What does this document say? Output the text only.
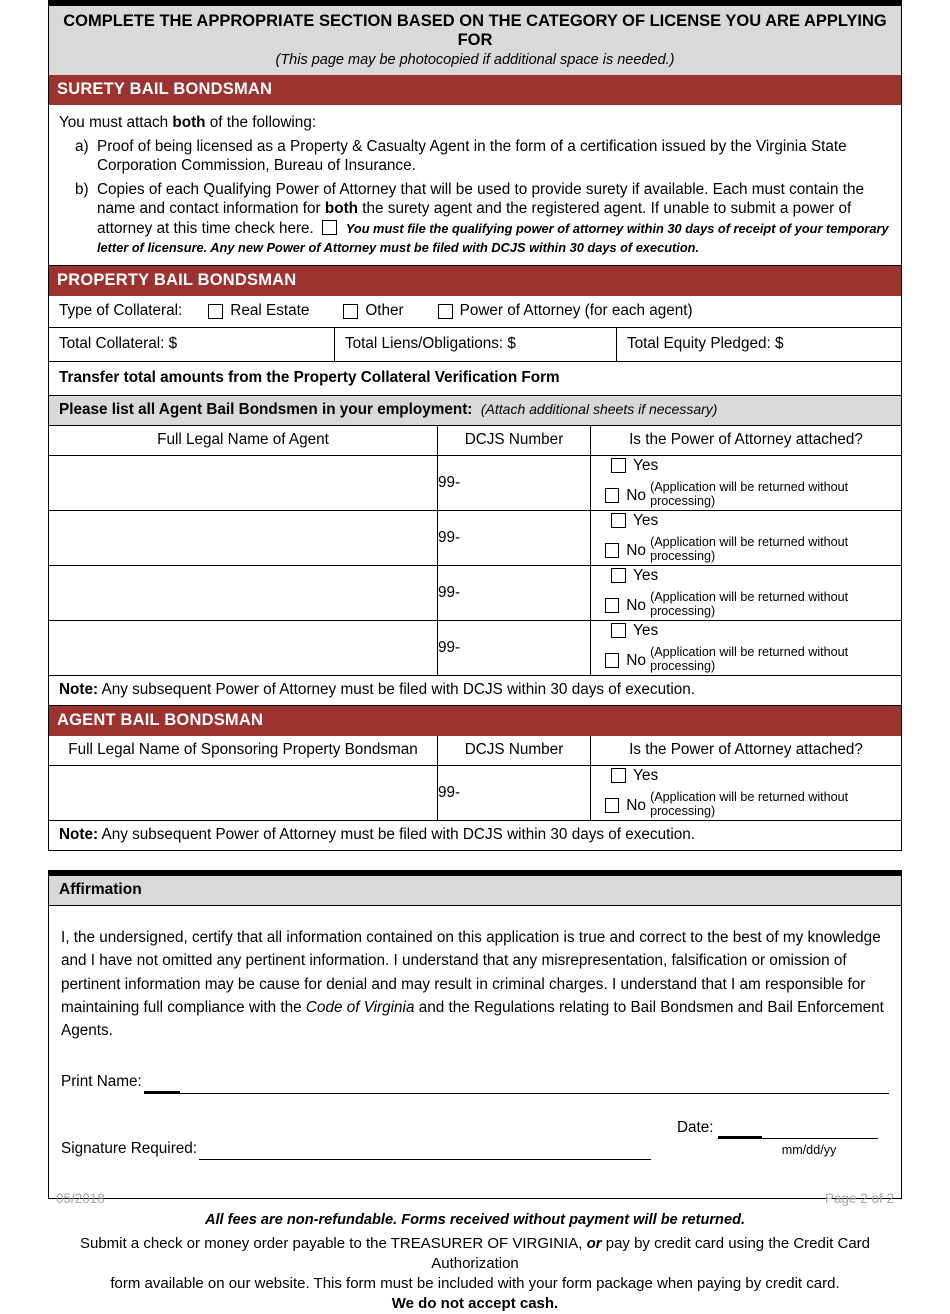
COMPLETE THE APPROPRIATE SECTION BASED ON THE CATEGORY OF LICENSE YOU ARE APPLYING FOR
(This page may be photocopied if additional space is needed.)
SURETY BAIL BONDSMAN

You must attach both of the following:

a) Proof of being licensed as a Property & Casualty Agent in the form of a certification issued by the Virginia State Corporation Commission, Bureau of Insurance.
b) Copies of each Qualifying Power of Attorney that will be used to provide surety if available. Each must contain the name and contact information for both the surety agent and the registered agent. If unable to submit a power of attorney at this time check here.	You must file the qualifying power of attorney within 30 days of receipt of your temporary letter of licensure. Any new Power of Attorney must be filed with DCJS within 30 days of execution.
PROPERTY BAIL BONDSMAN
Type of Collateral:	Real Estate	Other	Power of Attorney (for each agent)
Total Collateral: $	Total Liens/Obligations: $	Total Equity Pledged: $
Transfer total amounts from the Property Collateral Verification Form
Please list all Agent Bail Bondsmen in your employment: (Attach additional sheets if necessary)
Full Legal Name of Agent	DCJS Number	Is the Power of Attorney attached?
	99-	Yes
No (Application will be returned without processing)

	99-	Yes
No (Application will be returned without processing)

	99-	Yes
No (Application will be returned without processing)

	99-	Yes
No (Application will be returned without processing)
Note: Any subsequent Power of Attorney must be filed with DCJS within 30 days of execution.
AGENT BAIL BONDSMAN
Full Legal Name of Sponsoring Property Bondsman	DCJS Number	Is the Power of Attorney attached?
	99-	Yes
No (Application will be returned without processing)
Note: Any subsequent Power of Attorney must be filed with DCJS within 30 days of execution.
Affirmation
I, the undersigned, certify that all information contained on this application is true and correct to the best of my knowledge and I have not omitted any pertinent information. I understand that any misrepresentation, falsification or omission of pertinent information may be cause for denial and may result in criminal charges. I understand that I am responsible for maintaining full compliance with the Code of Virginia and the Regulations relating to Bail Bondsmen and Bail Enforcement Agents.
Print Name:
Signature Required:
Date:
mm/dd/yy

All fees are non-refundable. Forms received without payment will be returned.

Submit a check or money order payable to the TREASURER OF VIRGINIA, or pay by credit card using the Credit Card Authorization

form available on our website. This form must be included with your form package when paying by credit card.

We do not accept cash.

05/2018	Page 2 of 2
